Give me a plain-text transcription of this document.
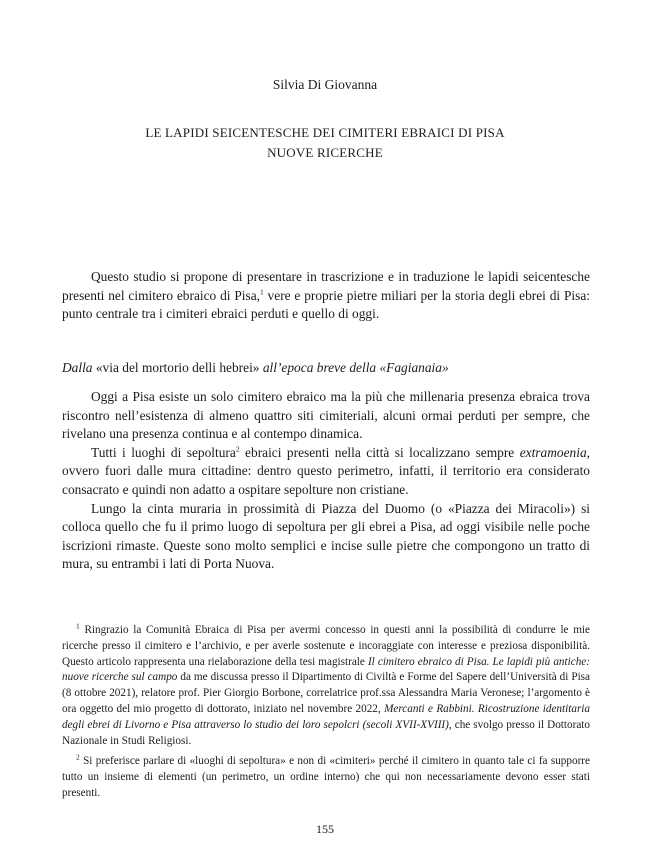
Silvia Di Giovanna
LE LAPIDI SEICENTESCHE DEI CIMITERI EBRAICI DI PISA
NUOVE RICERCHE

Questo studio si propone di presentare in trascrizione e in traduzione le lapidi seicentesche presenti nel cimitero ebraico di Pisa,$^1$ vere e proprie pietre miliari per la storia degli ebrei di Pisa: punto centrale tra i cimiteri ebraici perduti e quello di oggi.

Dalla «via del mortorio delli hebrei» all’epoca breve della «Fagianaia»

Oggi a Pisa esiste un solo cimitero ebraico ma la più che millenaria presenza ebraica trova riscontro nell’esistenza di almeno quattro siti cimiteriali, alcuni ormai perduti per sempre, che rivelano una presenza continua e al contempo dinamica.

Tutti i luoghi di sepoltura$^2$ ebraici presenti nella città si localizzano sempre extramoenia, ovvero fuori dalle mura cittadine: dentro questo perimetro, infatti, il territorio era considerato consacrato e quindi non adatto a ospitare sepolture non cristiane.

Lungo la cinta muraria in prossimità di Piazza del Duomo (o «Piazza dei Miracoli») si colloca quello che fu il primo luogo di sepoltura per gli ebrei a Pisa, ad oggi visibile nelle poche iscrizioni rimaste. Queste sono molto semplici e incise sulle pietre che compongono un tratto di mura, su entrambi i lati di Porta Nuova.

$^1$ Ringrazio la Comunità Ebraica di Pisa per avermi concesso in questi anni la possibilità di condurre le mie ricerche presso il cimitero e l’archivio, e per averle sostenute e incoraggiate con interesse e preziosa disponibilità. Questo articolo rappresenta una rielaborazione della tesi magistrale Il cimitero ebraico di Pisa. Le lapidi più antiche: nuove ricerche sul campo da me discussa presso il Dipartimento di Civiltà e Forme del Sapere dell’Università di Pisa (8 ottobre 2021), relatore prof. Pier Giorgio Borbone, correlatrice prof.ssa Alessandra Maria Veronese; l’argomento è ora oggetto del mio progetto di dottorato, iniziato nel novembre 2022, Mercanti e Rabbini. Ricostruzione identitaria degli ebrei di Livorno e Pisa attraverso lo studio dei loro sepolcri (secoli XVII-XVIII), che svolgo presso il Dottorato Nazionale in Studi Religiosi.

$^2$ Si preferisce parlare di «luoghi di sepoltura» e non di «cimiteri» perché il cimitero in quanto tale ci fa supporre tutto un insieme di elementi (un perimetro, un ordine interno) che qui non necessariamente devono esser stati presenti.

155
